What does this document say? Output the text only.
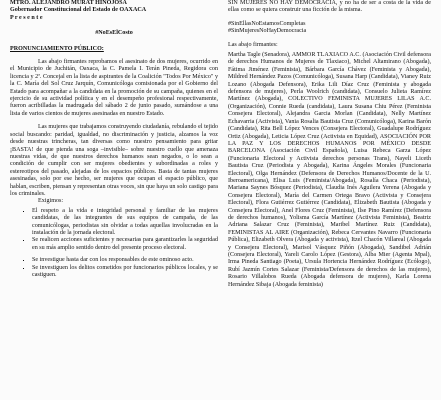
MTRO. ALEJANDRO MURAT HINOJOSA
Gobernador Constitucional del Estado de OAXACA
P r e s e n t e
#NoEsElCosto
PRONUNCIAMIENTO PÚBLICO:

Las abajo firmantes reprobamos el asesinato de dos mujeres, ocurrido en el Municipio de Juchitán, Oaxaca, la C. Pamela I. Terán Pineda, Regidora con licencia y 2ª. Concejal en la lista de aspirantes de la Coalición "Todos Por México" y la C. María del Sol Cruz Jarquín, Comunicóloga comisionada por el Gobierno del Estado para acompañar a la candidata en la promoción de su campaña, quienes en el ejercicio de su actividad política y en el desempeño profesional respectivamente, fueron acribilladas la madrugada del sábado 2 de junio pasado, sumándose a una lista de varios cientos de mujeres asesinadas en nuestro Estado.

Las mujeres que trabajamos construyendo ciudadanía, rebulando el tejido social buscando: paridad, igualdad, no discriminación y justicia, alzamos la voz desde nuestras trincheras, tan diversas como nuestro pensamiento para gritar ¡BASTA! de que pienda una soga –invisible– sobre nuestro cuello que amenaza nuestras vidas, de que nuestros derechos humanos sean negados, o lo sean a condición de cumplir con ser mujeres obedientes y subordinadas a roles y estereotipos del pasado, alejadas de los espacios públicos. Basta de tantas mujeres asesinadas, solo por ese hecho, ser mujeres que ocupan el espacio público, que hablan, escriben, piensan y representan otras voces, sin que haya un solo castigo para los criminales.

Exigimos:
▪ El respeto a la vida e integridad personal y familiar de las mujeres candidatas, de las integrantes de sus equipos de campaña, de las comunicólogas, periodistas sin olvidar a todas aquellas involucradas en la instalación de la jornada electoral.
▪ Se realicen acciones suficientes y necesarias para garantizarles la seguridad en su más amplio sentido dentro del presente proceso electoral.
▪ Se investigue hasta dar con los responsables de este ominoso acto.
▪ Se investiguen los delitos cometidos por funcionarios públicos locales, y se castiguen.

SIN MUJERES NO HAY DEMOCRACIA, y no ha de ser a costa de la vida de ellas como se quiera construir una ficción de la misma.

#SinEllasNoEstamosCompletas
#SinMujeresNoHayDemocracia
Las abajo firmantes:

Martha Tagle (Senadora), AMMOR TLAXIACO A.C. (Asociación Civil defensora de derechos Humanos de Mujeres de Tlaxiaco), Michel Altamirano (Abogada), Fátima Jiménez (Feminista), Bárbara García Chávez (Feminista y Abogada), Mildred Hernández Pazos (Comunicóloga), Susana Harp (Candidata), Vianey Ruiz Lozano (Abogada Defensora), Erika Lili Díaz Cruz (Feminista y abogada defensora de mujeres), Perla Woolrich (candidata), Consuelo Julieta Ramírez Martínez (Abogada), COLECTIVO FEMINISTA MUJERES LILAS A.C. (Organización), Connie Rueda (candidata), Laura Susana Chiu Pérez (Feminista Consejera Electoral), Alejandra Garcia Morlan (Candidata), Nelly Martínez Echavarria (Activista), Vania Rosalia Bautista Cruz (Comunicóloga), Karina Barón (Candidata), Rita Bell López Vences (Consejera Electoral), Guadalupe Rodríguez Ortiz (Abogada), Leticia López Cruz (Activista en Equidad), ASOCIACIÓN POR LA PAZ Y LOS DERECHOS HUMANOS POR MÉXICO DESDE BARCELONA (Asociación Civil Española), Luisa Rebeca Garza López (Funcionaria Electoral y Activista derechos personas Trans), Nayeli Liceth Bautista Cruz (Periodista y Abogada), Karina Ángeles Morales (Funcionaria Electoral), Olga Hernández (Defensora de Derechos Humanos/Docente de la U. Iberoamericana), Elisa Luis (Feminista/Abogada), Rosalía Chaca (Periodista), Mariana Saynes Bósquez (Periodista), Claudia Inés Aguilera Yerena (Abogada y Consejera Electoral), María del Carmen Ortega Bravo (Activista y Consejera Electoral), Flora Gutiérrez Gutiérrez (Candidata), Elizabeth Bautista (Abogada y Consejera Electoral), Anel Flores Cruz (Feminista), Ilse Pino Ramírez (Defensora de derechos humanos), Yolisma García Martínez (Activista Feminista), Beatriz Adriana Salazar Cruz (Feminista), Maribel Martínez Ruiz (Candidata), FEMINISTAS AL AIRE (Organización), Rebeca Cervantes Navarro (Funcionaria Pública), Elizabeth Olvera (Abogada y activista), Itzel Chacón Villareal (Abogada y Consejera Electoral), Marisol Vásquez Piñón (Abogada), Sandibel Adrián (Consejera Electoral), Yareli Carolo López (Gestora), Alba Mier (Agenta Mpal), Irma Pineda Santiago (Poeta), Ursula Hortencia Hernández Rodríguez (Ecólogo), Rubí Jazmín Cortes Salazar (Feminista/Defensora de derechos de las mujeres), Rosario Villalobos Rueda (Abogada defensora de mujeres), Karla Lorena Hernández Sibaja (Abogada feminista)
